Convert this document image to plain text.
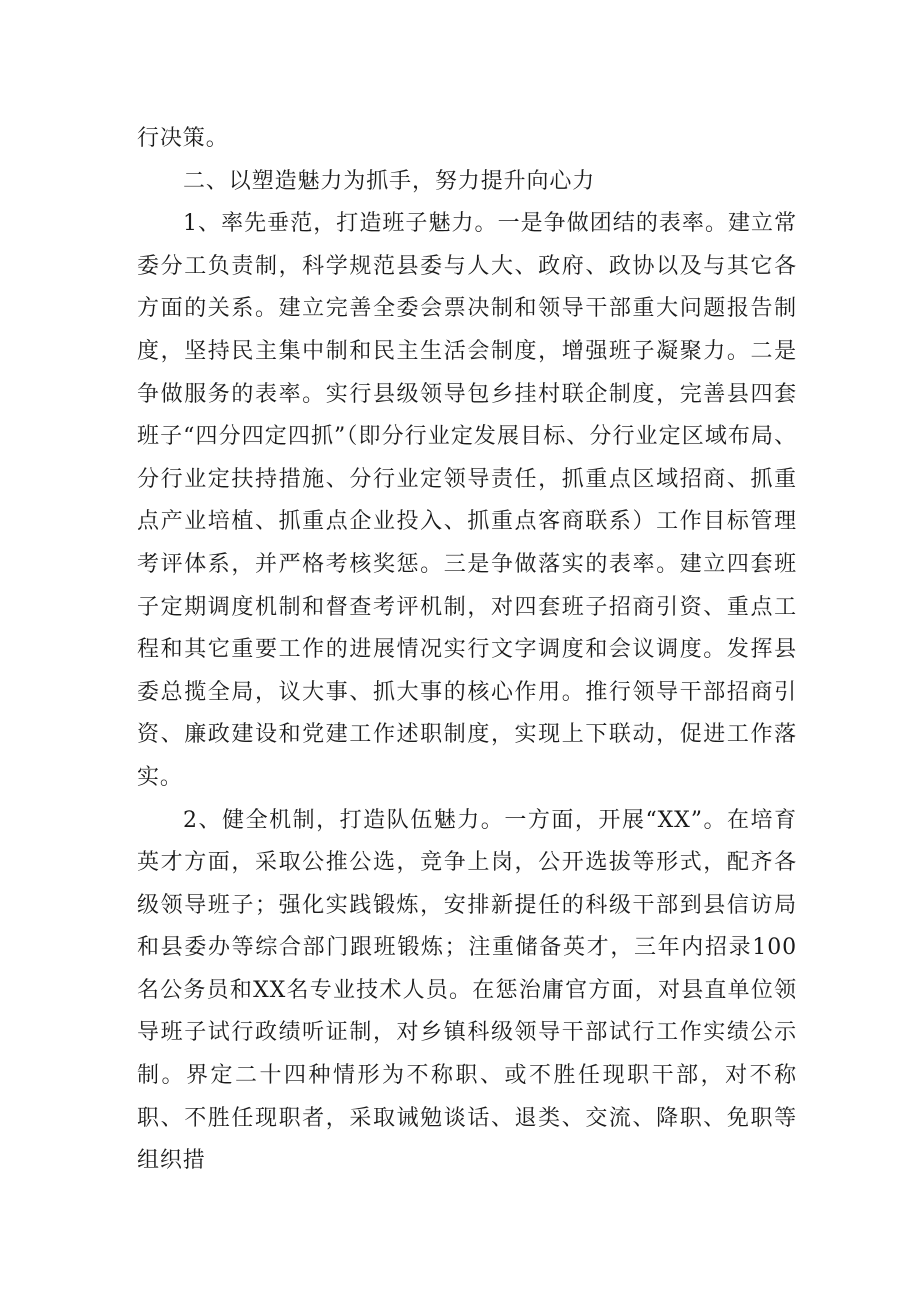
行决策。

二、以塑造魅力为抓手，努力提升向心力

1、率先垂范，打造班子魅力。一是争做团结的表率。建立常委分工负责制，科学规范县委与人大、政府、政协以及与其它各方面的关系。建立完善全委会票决制和领导干部重大问题报告制度，坚持民主集中制和民主生活会制度，增强班子凝聚力。二是争做服务的表率。实行县级领导包乡挂村联企制度，完善县四套班子“四分四定四抓”（即分行业定发展目标、分行业定区域布局、分行业定扶持措施、分行业定领导责任，抓重点区域招商、抓重点产业培植、抓重点企业投入、抓重点客商联系）工作目标管理考评体系，并严格考核奖惩。三是争做落实的表率。建立四套班子定期调度机制和督查考评机制，对四套班子招商引资、重点工程和其它重要工作的进展情况实行文字调度和会议调度。发挥县委总揽全局，议大事、抓大事的核心作用。推行领导干部招商引资、廉政建设和党建工作述职制度，实现上下联动，促进工作落实。

2、健全机制，打造队伍魅力。一方面，开展“XX”。在培育英才方面，采取公推公选，竞争上岗，公开选拔等形式，配齐各级领导班子；强化实践锻炼，安排新提任的科级干部到县信访局和县委办等综合部门跟班锻炼；注重储备英才，三年内招录100名公务员和XX名专业技术人员。在惩治庸官方面，对县直单位领导班子试行政绩听证制，对乡镇科级领导干部试行工作实绩公示制。界定二十四种情形为不称职、或不胜任现职干部，对不称职、不胜任现职者，采取诫勉谈话、退类、交流、降职、免职等组织措
